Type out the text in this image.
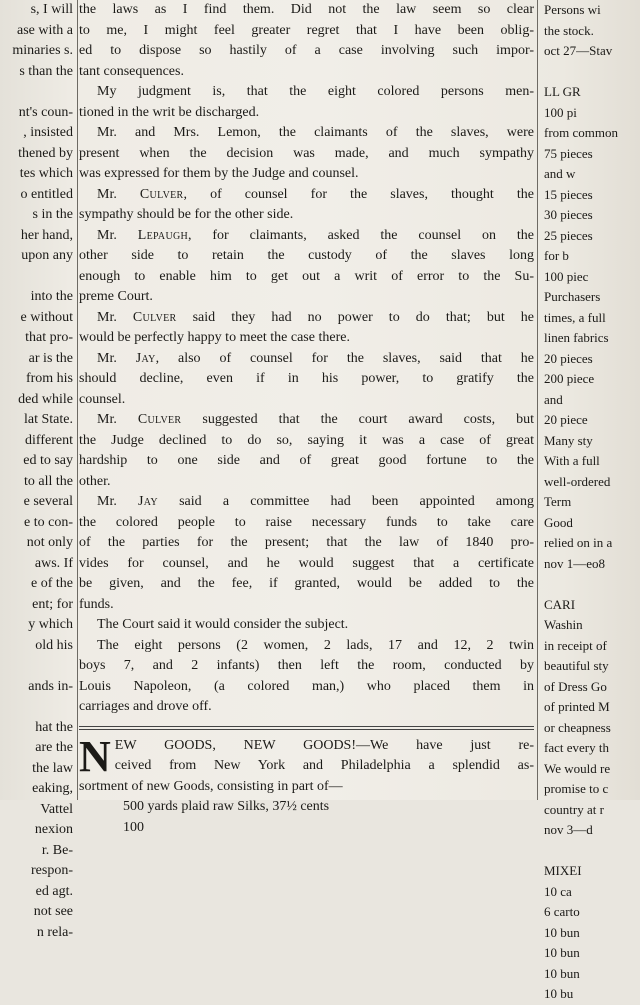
s, I will
ase with a
minaries s.
s than the
nt's coun-
, insisted
thened by
tes which
o entitled
s in the
her hand,
upon any
into the
e without
that pro-
ar is the
from his
ded while
lat State.
different
ed to say
to all the
e several
e to con-
not only
aws. If
e of the
ent; for
y which
old his
ands in-
hat the
are the
the law
eaking,
Vattel
nexion
r. Be-
respon-
ed agt.
not see
n rela-
the laws as I find them. Did not the law seem so clear
to me, I might feel greater regret that I have been oblig-
ed to dispose so hastily of a case involving such impor-
tant consequences.
My judgment is, that the eight colored persons men-
tioned in the writ be discharged.
Mr. and Mrs. Lemon, the claimants of the slaves, were
present when the decision was made, and much sympathy
was expressed for them by the Judge and counsel.
Mr. Culver, of counsel for the slaves, thought the
sympathy should be for the other side.
Mr. Lepaugh, for claimants, asked the counsel on the
other side to retain the custody of the slaves long
enough to enable him to get out a writ of error to the Su-
preme Court.
Mr. Culver said they had no power to do that; but he
would be perfectly happy to meet the case there.
Mr. Jay, also of counsel for the slaves, said that he
should decline, even if in his power, to gratify the
counsel.
Mr. Culver suggested that the court award costs, but
the Judge declined to do so, saying it was a case of great
hardship to one side and of great good fortune to the
other.
Mr. Jay said a committee had been appointed among
the colored people to raise necessary funds to take care
of the parties for the present; that the law of 1840 pro-
vides for counsel, and he would suggest that a certificate
be given, and the fee, if granted, would be added to the
funds.
The Court said it would consider the subject.
The eight persons (2 women, 2 lads, 17 and 12, 2 twin
boys 7, and 2 infants) then left the room, conducted by
Louis Napoleon, (a colored man,) who placed them in
carriages and drove off.
N EW GOODS, NEW GOODS!—We have just re-
ceived from New York and Philadelphia a splendid as-
sortment of new Goods, consisting in part of—
500 yards plaid raw Silks, 37½ cents
100
Persons wi
the stock.
oct 27—Stav
LL GR
100 pi
from common
75 pieces
and w
15 pieces
30 pieces
25 pieces
for b
100 piec
Purchasers
times, a full
linen fabrics
20 pieces
200 piece
and
20 piece
Many sty
With a full
well-ordered
Term
Good
relied on in a
nov 1—eo8
CARI
Washin
in receipt of
beautiful sty
of Dress Go
of printed M
or cheapness
fact every th
We would re
promise to c
country at r
nov 3—d
MIXEI
10 ca
6 carto
10 bun
10 bun
10 bun
10 bu
